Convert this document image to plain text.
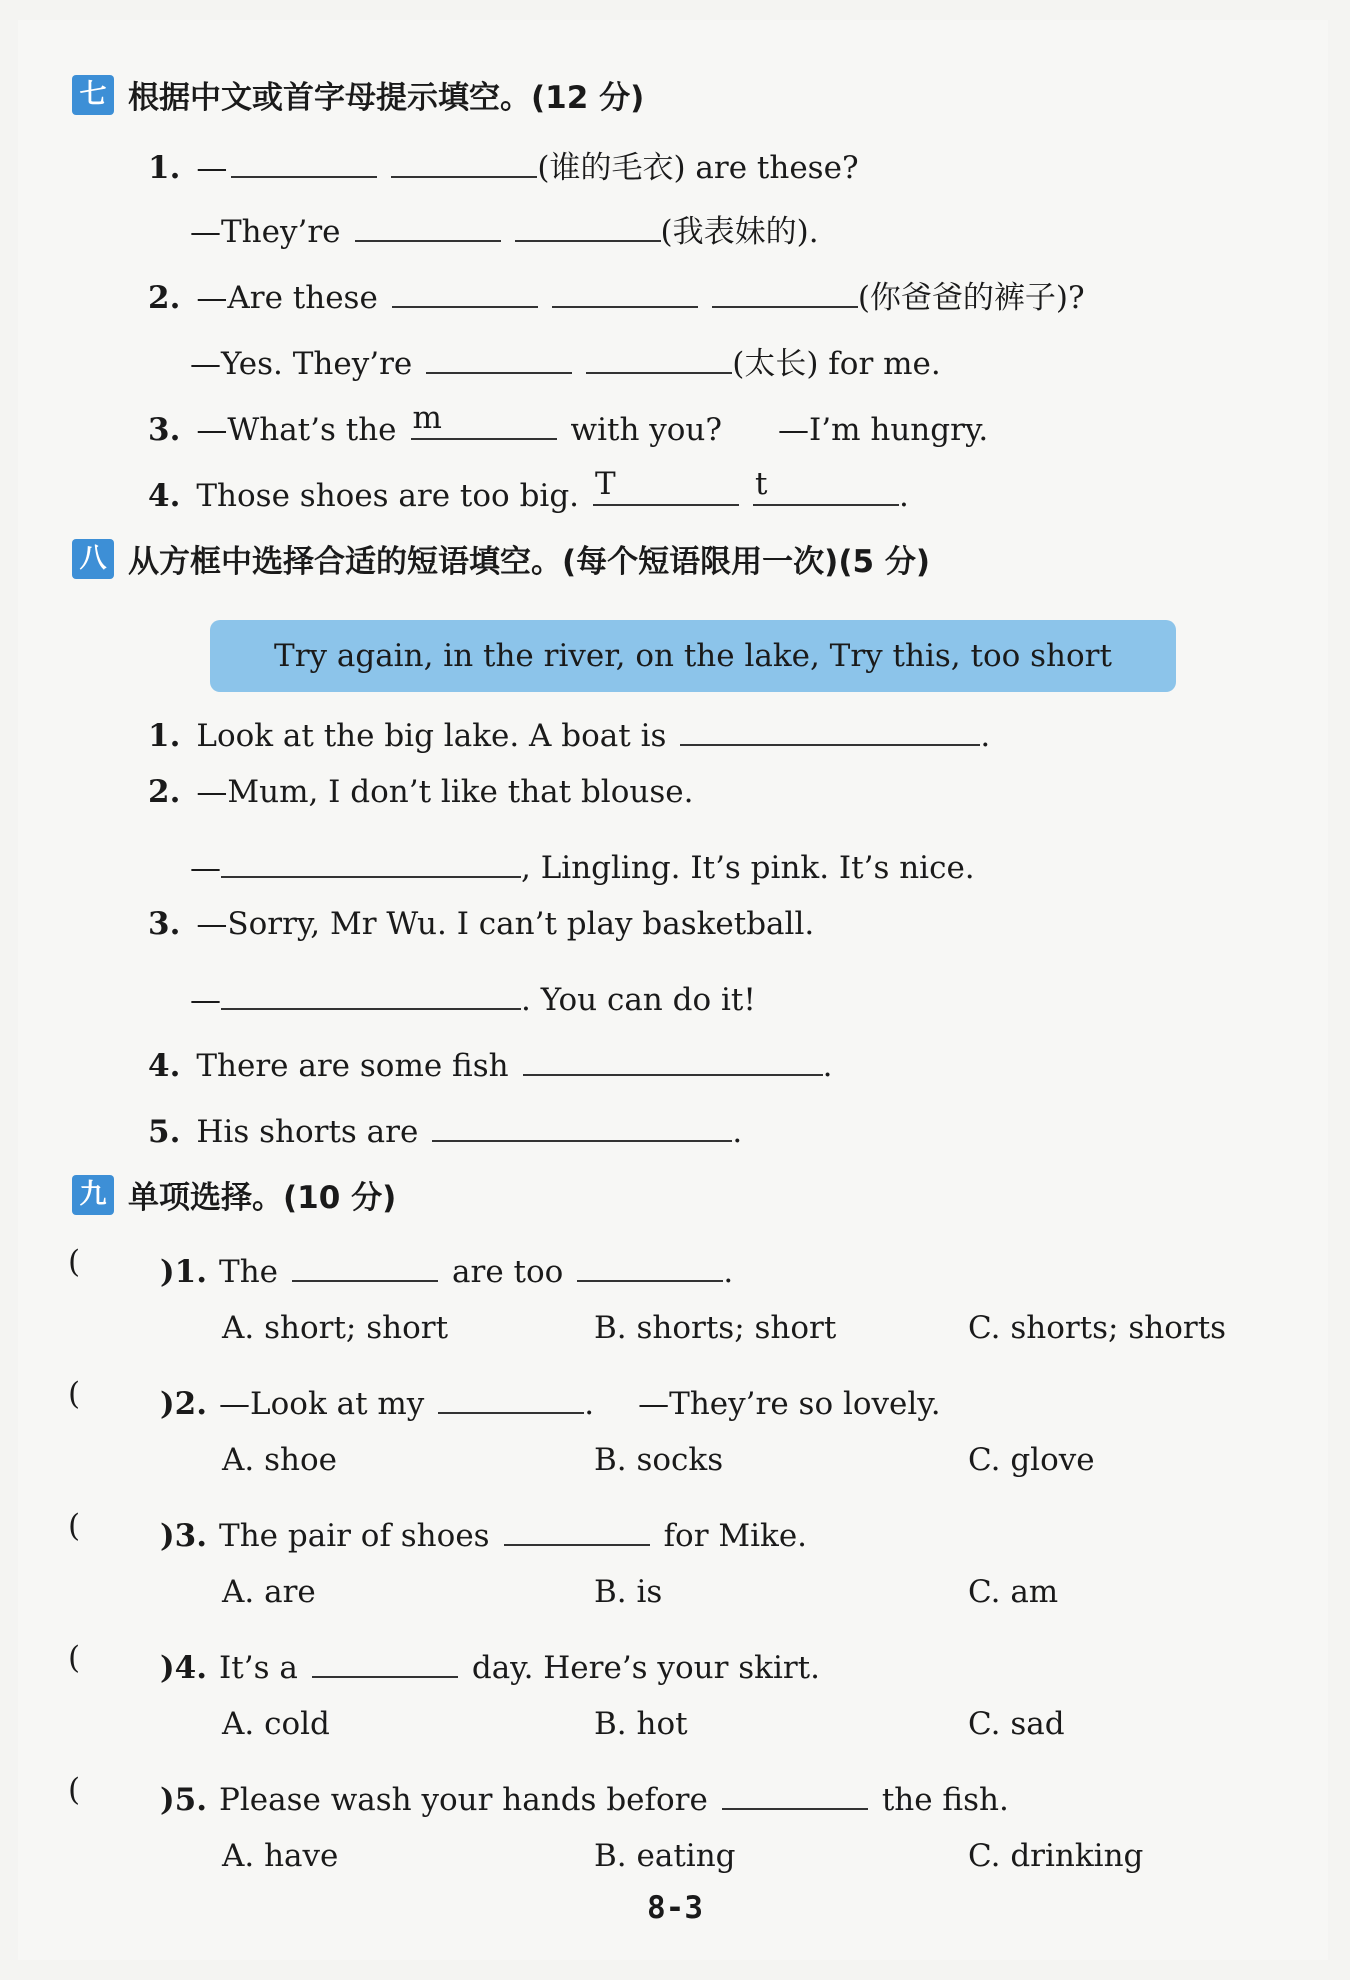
七 根据中文或首字母提示填空。(12 分)
1. —	(谁的毛衣) are these?
—They’re	(我表妹的).
2. —Are these	(你爸爸的裤子)?
—Yes. They’re	(太长) for me.
3. —What’s the m	with you? —I’m hungry.
4. Those shoes are too big. T	t	.
八 从方框中选择合适的短语填空。(每个短语限用一次)(5 分)
Try again, in the river, on the lake, Try this, too short
1. Look at the big lake. A boat is	.
2. —Mum, I don’t like that blouse.
—	, Lingling. It’s pink. It’s nice.
3. —Sorry, Mr Wu. I can’t play basketball.
—	. You can do it!
4. There are some fish	.
5. His shorts are	.
九 单项选择。(10 分)
(	)1. The	are too	.
A. short; short	B. shorts; short	C. shorts; shorts
(	)2. —Look at my	. —They’re so lovely.
A. shoe	B. socks	C. glove
(	)3. The pair of shoes	for Mike.
A. are	B. is	C. am
(	)4. It’s a	day. Here’s your skirt.
A. cold	B. hot	C. sad
(	)5. Please wash your hands before	the fish.
A. have	B. eating	C. drinking
8-3
